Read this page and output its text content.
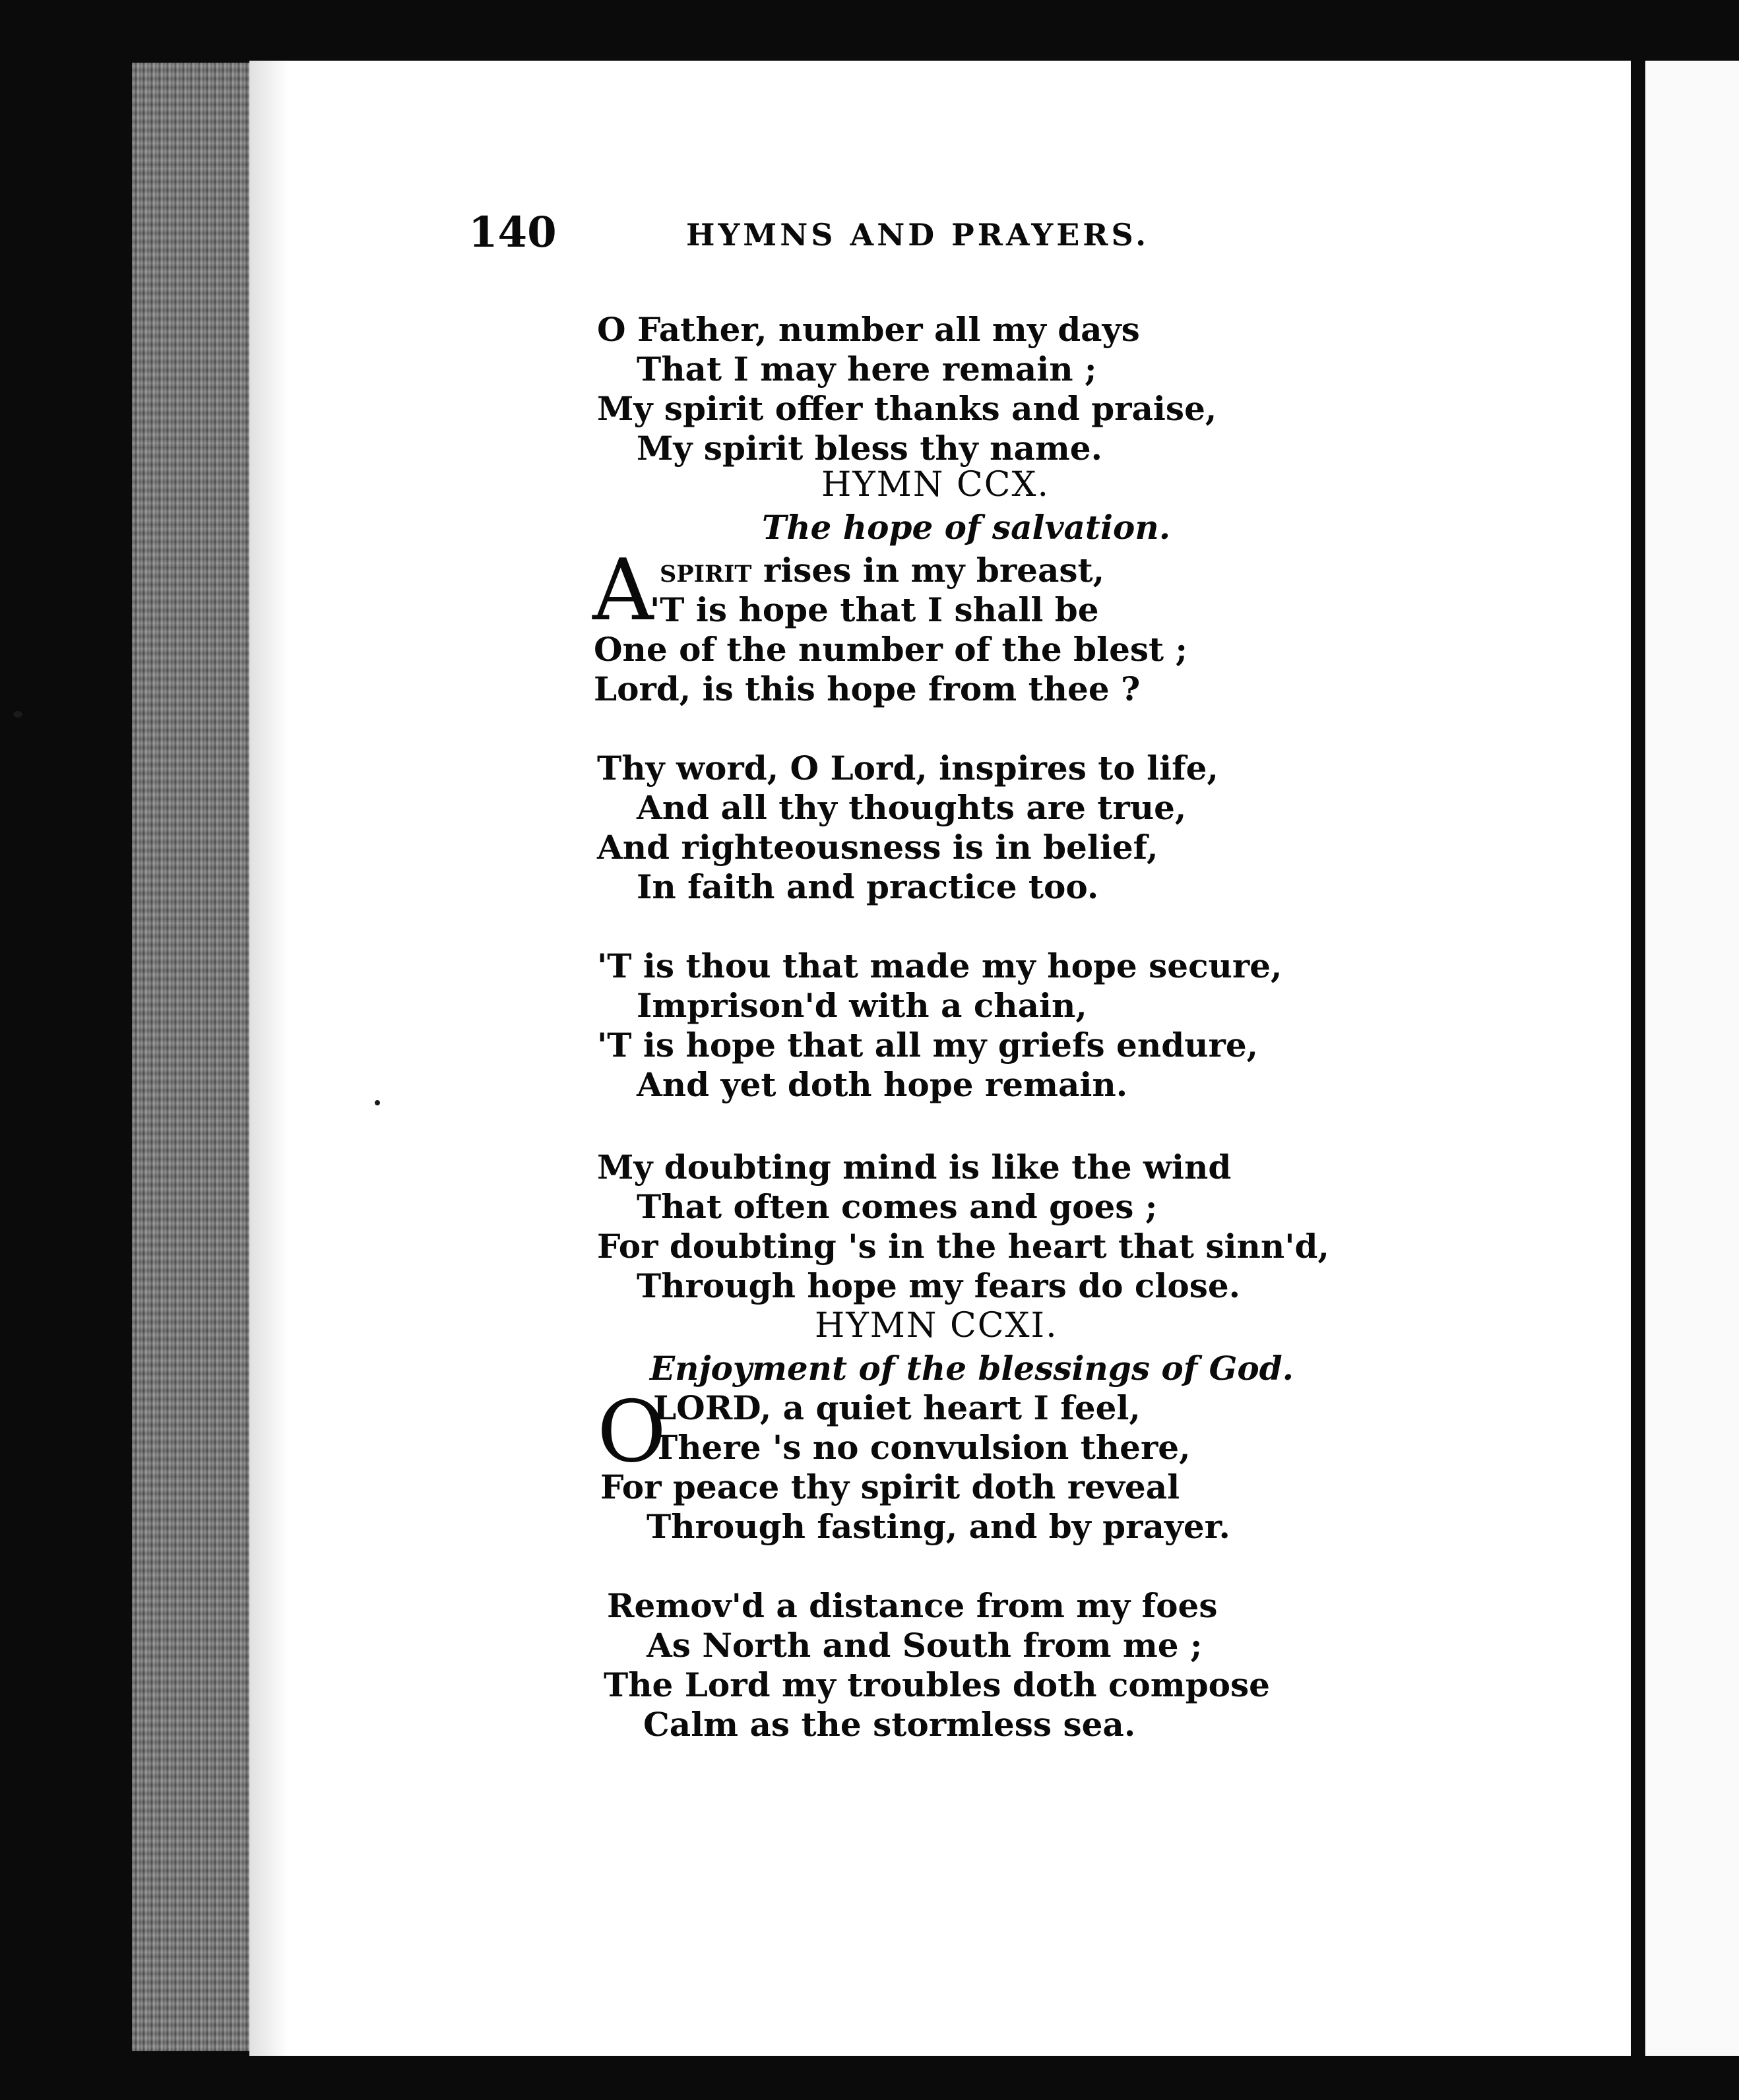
140	HYMNS AND PRAYERS.
O Father, number all my days
That I may here remain ;
My spirit offer thanks and praise,
My spirit bless thy name.
HYMN CCX.
The hope of salvation.
A spirit rises in my breast,
'T is hope that I shall be
One of the number of the blest ;
Lord, is this hope from thee ?
Thy word, O Lord, inspires to life,
And all thy thoughts are true,
And righteousness is in belief,
In faith and practice too.
'T is thou that made my hope secure,
Imprison'd with a chain,
'T is hope that all my griefs endure,
And yet doth hope remain.
My doubting mind is like the wind
That often comes and goes ;
For doubting 's in the heart that sinn'd,
Through hope my fears do close.
HYMN CCXI.
Enjoyment of the blessings of God.
O
LORD, a quiet heart I feel,
There 's no convulsion there,
For peace thy spirit doth reveal
Through fasting, and by prayer.
Remov'd a distance from my foes
As North and South from me ;
The Lord my troubles doth compose
Calm as the stormless sea.
